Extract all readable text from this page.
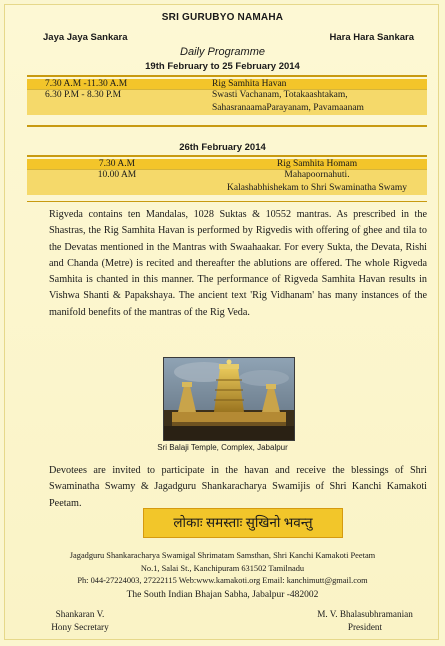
SRI GURUBYO NAMAHA
Jaya Jaya Sankara	Hara Hara Sankara
Daily Programme
19th February to 25 February 2014
7.30 A.M -11.30 A.M	Rig Samhita Havan
6.30 P.M - 8.30 P.M	Swasti Vachanam, Totakaashtakam,
SahasranaamaParayanam, Pavamaanam
26th February 2014
7.30 A.M	Rig Samhita Homam
10.00 AM	Mahapoornahuti.
Kalashabhishekam to Shri Swaminatha Swamy
Rigveda contains ten Mandalas, 1028 Suktas & 10552 mantras. As prescribed in the Shastras, the Rig Samhita Havan is performed by Rigvedis with offering of ghee and tila to the Devatas mentioned in the Mantras with Swaahaakar. For every Sukta, the Devata, Rishi and Chanda (Metre) is recited and thereafter the ablutions are offered. The whole Rigveda Samhita is chanted in this manner. The performance of Rigveda Samhita Havan results in Vishwa Shanti & Papakshaya. The ancient text 'Rig Vidhanam' has many instances of the manifold benefits of the mantras of the Rig Veda.
Sri Balaji Temple, Complex, Jabalpur
Devotees are invited to participate in the havan and receive the blessings of Shri Swaminatha Swamy & Jagadguru Shankaracharya Swamijis of Shri Kanchi Kamakoti Peetam.
लोकाः समस्ताः सुखिनो भवन्तु
Jagadguru Shankaracharya Swamigal Shrimatam Samsthan, Shri Kanchi Kamakoti Peetam
No.1, Salai St., Kanchipuram 631502 Tamilnadu
Ph: 044-27224003, 27222115 Web:www.kamakoti.org Email: kanchimutt@gmail.com
The South Indian Bhajan Sabha, Jabalpur -482002
Shankaran V.
Hony Secretary
M. V. Bhalasubhramanian
President
